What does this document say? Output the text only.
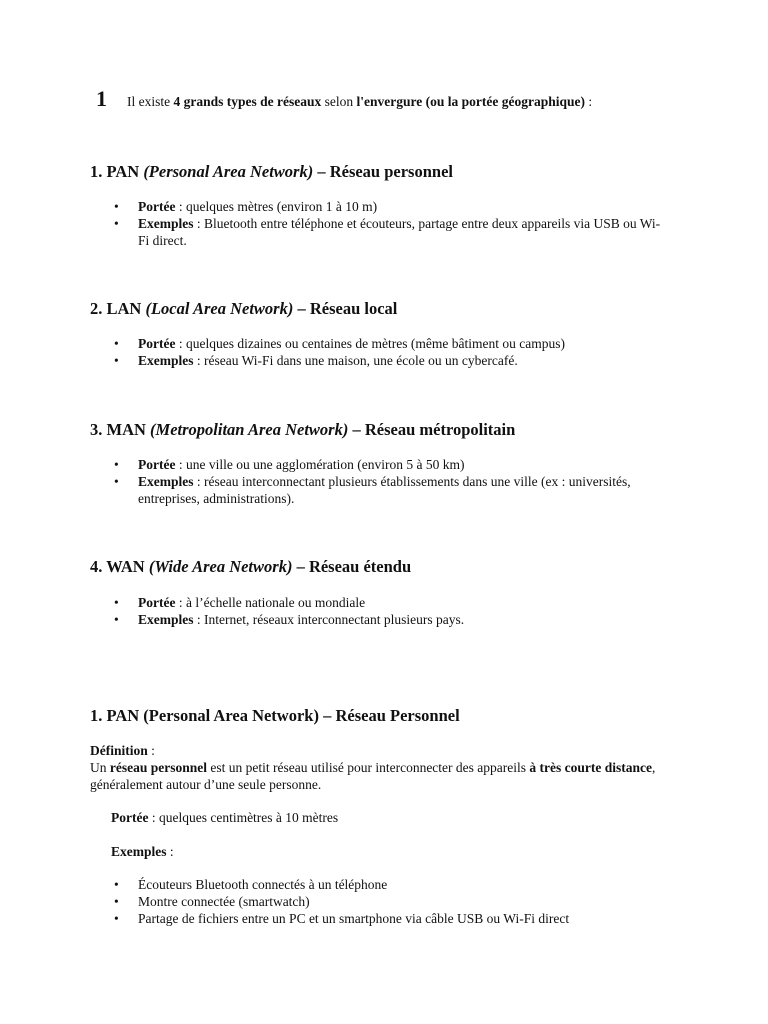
1 Il existe 4 grands types de réseaux selon l'envergure (ou la portée géographique) :
1. PAN (Personal Area Network) – Réseau personnel
• Portée : quelques mètres (environ 1 à 10 m)
• Exemples : Bluetooth entre téléphone et écouteurs, partage entre deux appareils via USB ou Wi-Fi direct.
2. LAN (Local Area Network) – Réseau local
• Portée : quelques dizaines ou centaines de mètres (même bâtiment ou campus)
• Exemples : réseau Wi-Fi dans une maison, une école ou un cybercafé.
3. MAN (Metropolitan Area Network) – Réseau métropolitain
• Portée : une ville ou une agglomération (environ 5 à 50 km)
• Exemples : réseau interconnectant plusieurs établissements dans une ville (ex : universités, entreprises, administrations).
4. WAN (Wide Area Network) – Réseau étendu
• Portée : à l’échelle nationale ou mondiale
• Exemples : Internet, réseaux interconnectant plusieurs pays.
1. PAN (Personal Area Network) – Réseau Personnel
Définition :
Un réseau personnel est un petit réseau utilisé pour interconnecter des appareils à très courte distance, généralement autour d’une seule personne.
Portée : quelques centimètres à 10 mètres
Exemples :
• Écouteurs Bluetooth connectés à un téléphone
• Montre connectée (smartwatch)
• Partage de fichiers entre un PC et un smartphone via câble USB ou Wi-Fi direct
